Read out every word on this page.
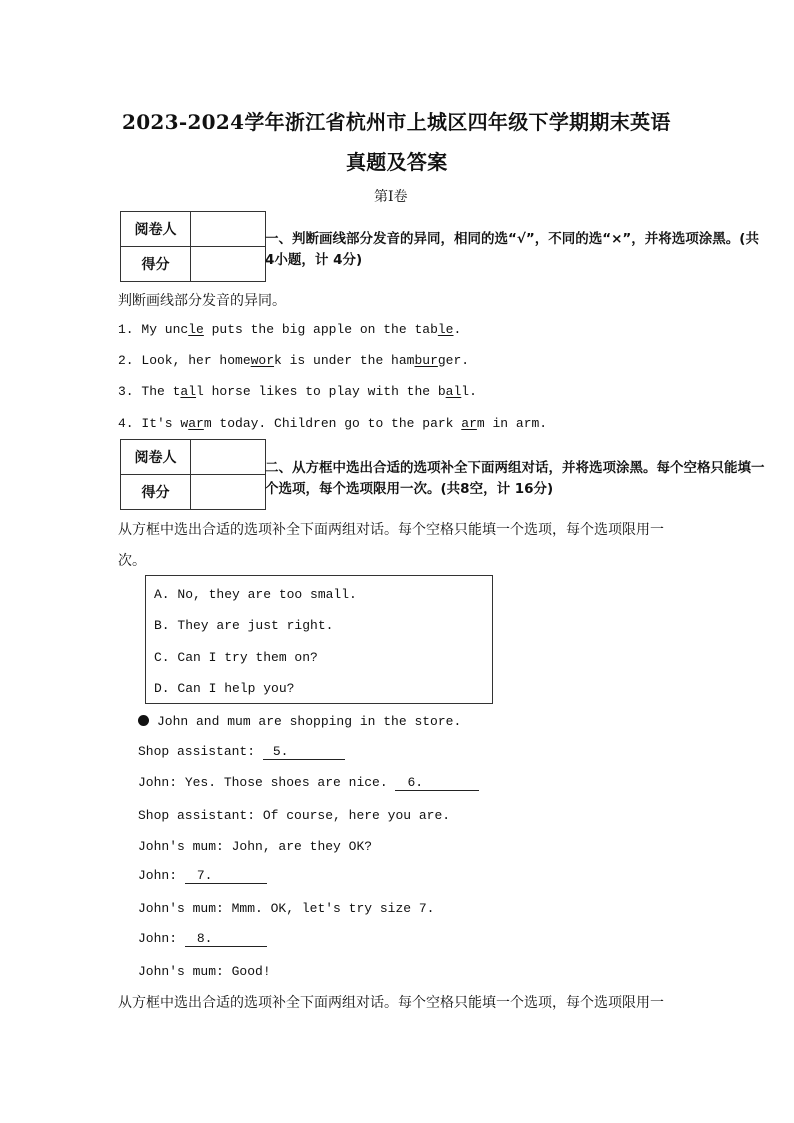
2023-2024学年浙江省杭州市上城区四年级下学期期末英语
真题及答案
第Ⅰ卷
阅卷人	
得分	
一、判断画线部分发音的异同，相同的选“√”，不同的选“×”，并将选项涂黑。(共
4小题，计 4分)
判断画线部分发音的异同。
1. My uncle puts the big apple on the table.
2. Look, her homework is under the hamburger.
3. The tall horse likes to play with the ball.
4. It's warm today. Children go to the park arm in arm.
阅卷人	
得分	
二、从方框中选出合适的选项补全下面两组对话，并将选项涂黑。每个空格只能填一
个选项，每个选项限用一次。(共8空，计 16分)
从方框中选出合适的选项补全下面两组对话。每个空格只能填一个选项，每个选项限用一
次。
A. No, they are too small.
B. They are just right.
C. Can I try them on?
D. Can I help you?
John and mum are shopping in the store.
Shop assistant: 5.
John: Yes. Those shoes are nice. 6.
Shop assistant: Of course, here you are.
John's mum: John, are they OK?
John: 7.
John's mum: Mmm. OK, let's try size 7.
John: 8.
John's mum: Good!
从方框中选出合适的选项补全下面两组对话。每个空格只能填一个选项，每个选项限用一
